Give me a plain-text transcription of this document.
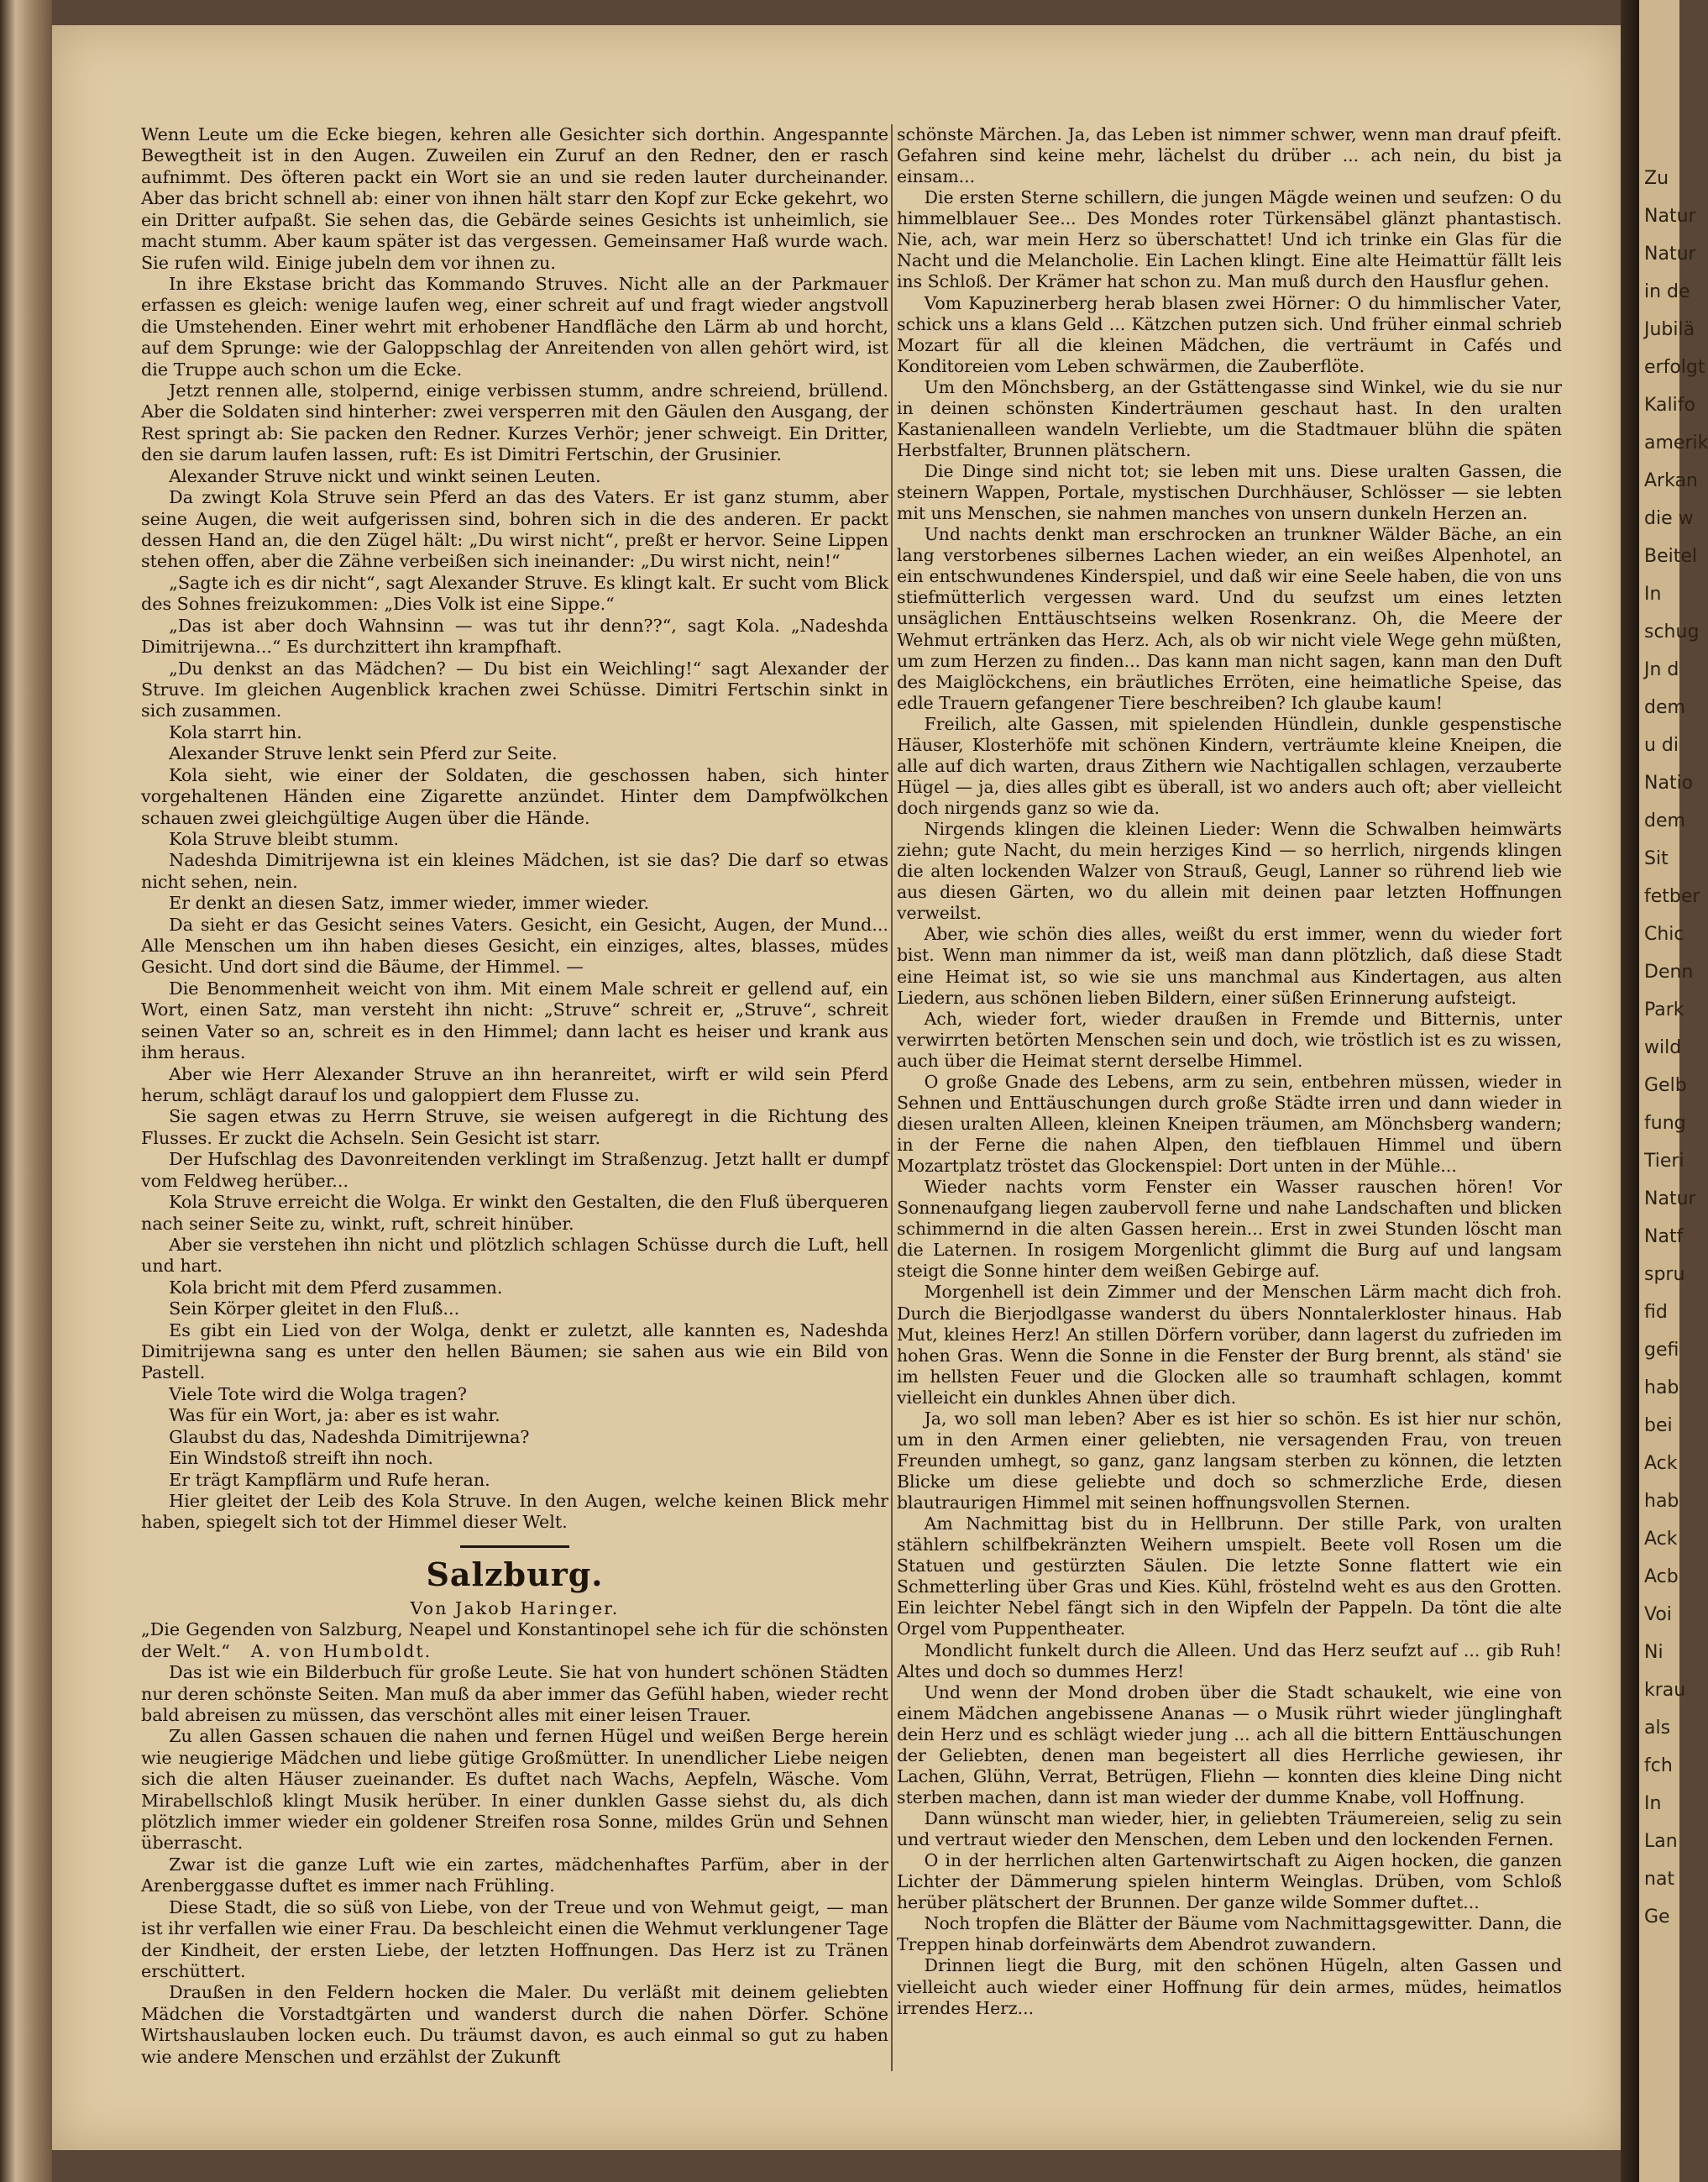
Zu
Natur
Natur
in de
Jubilä
erfolgt
Kalifo
amerik
Arkan
die w
Beitel
In
schug
Jn d
dem
u di
Natio
dem
Sit
fetber
Chic
Denn
Park
wild
Gelb
fung
Tieri
Natur
Natf
spru
fid
gefi
hab
bei
Ack
hab
Ack
Acb
Voi
Ni
krau
als
fch
In
Lan
nat
Ge

Wenn Leute um die Ecke biegen, kehren alle Gesichter sich dorthin. Angespannte Bewegtheit ist in den Augen. Zuweilen ein Zuruf an den Redner, den er rasch aufnimmt. Des öfteren packt ein Wort sie an und sie reden lauter durcheinander. Aber das bricht schnell ab: einer von ihnen hält starr den Kopf zur Ecke gekehrt, wo ein Dritter aufpaßt. Sie sehen das, die Gebärde seines Gesichts ist unheimlich, sie macht stumm. Aber kaum später ist das vergessen. Gemeinsamer Haß wurde wach. Sie rufen wild. Einige jubeln dem vor ihnen zu.

In ihre Ekstase bricht das Kommando Struves. Nicht alle an der Parkmauer erfassen es gleich: wenige laufen weg, einer schreit auf und fragt wieder angstvoll die Umstehenden. Einer wehrt mit erhobener Handfläche den Lärm ab und horcht, auf dem Sprunge: wie der Galoppschlag der Anreitenden von allen gehört wird, ist die Truppe auch schon um die Ecke.

Jetzt rennen alle, stolpernd, einige verbissen stumm, andre schreiend, brüllend. Aber die Soldaten sind hinterher: zwei versperren mit den Gäulen den Ausgang, der Rest springt ab: Sie packen den Redner. Kurzes Verhör; jener schweigt. Ein Dritter, den sie darum laufen lassen, ruft: Es ist Dimitri Fertschin, der Grusinier.

Alexander Struve nickt und winkt seinen Leuten.

Da zwingt Kola Struve sein Pferd an das des Vaters. Er ist ganz stumm, aber seine Augen, die weit aufgerissen sind, bohren sich in die des anderen. Er packt dessen Hand an, die den Zügel hält: „Du wirst nicht“, preßt er hervor. Seine Lippen stehen offen, aber die Zähne verbeißen sich ineinander: „Du wirst nicht, nein!“

„Sagte ich es dir nicht“, sagt Alexander Struve. Es klingt kalt. Er sucht vom Blick des Sohnes freizukommen: „Dies Volk ist eine Sippe.“

„Das ist aber doch Wahnsinn — was tut ihr denn??“, sagt Kola. „Nadeshda Dimitrijewna...“ Es durchzittert ihn krampfhaft.

„Du denkst an das Mädchen? — Du bist ein Weichling!“ sagt Alexander der Struve. Im gleichen Augenblick krachen zwei Schüsse. Dimitri Fertschin sinkt in sich zusammen.

Kola starrt hin.

Alexander Struve lenkt sein Pferd zur Seite.

Kola sieht, wie einer der Soldaten, die geschossen haben, sich hinter vorgehaltenen Händen eine Zigarette anzündet. Hinter dem Dampfwölkchen schauen zwei gleichgültige Augen über die Hände.

Kola Struve bleibt stumm.

Nadeshda Dimitrijewna ist ein kleines Mädchen, ist sie das? Die darf so etwas nicht sehen, nein.

Er denkt an diesen Satz, immer wieder, immer wieder.

Da sieht er das Gesicht seines Vaters. Gesicht, ein Gesicht, Augen, der Mund... Alle Menschen um ihn haben dieses Gesicht, ein einziges, altes, blasses, müdes Gesicht. Und dort sind die Bäume, der Himmel. —

Die Benommenheit weicht von ihm. Mit einem Male schreit er gellend auf, ein Wort, einen Satz, man versteht ihn nicht: „Struve“ schreit er, „Struve“, schreit seinen Vater so an, schreit es in den Himmel; dann lacht es heiser und krank aus ihm heraus.

Aber wie Herr Alexander Struve an ihn heranreitet, wirft er wild sein Pferd herum, schlägt darauf los und galoppiert dem Flusse zu.

Sie sagen etwas zu Herrn Struve, sie weisen aufgeregt in die Richtung des Flusses. Er zuckt die Achseln. Sein Gesicht ist starr.

Der Hufschlag des Davonreitenden verklingt im Straßenzug. Jetzt hallt er dumpf vom Feldweg herüber...

Kola Struve erreicht die Wolga. Er winkt den Gestalten, die den Fluß überqueren nach seiner Seite zu, winkt, ruft, schreit hinüber.

Aber sie verstehen ihn nicht und plötzlich schlagen Schüsse durch die Luft, hell und hart.

Kola bricht mit dem Pferd zusammen.

Sein Körper gleitet in den Fluß...

Es gibt ein Lied von der Wolga, denkt er zuletzt, alle kannten es, Nadeshda Dimitrijewna sang es unter den hellen Bäumen; sie sahen aus wie ein Bild von Pastell.

Viele Tote wird die Wolga tragen?

Was für ein Wort, ja: aber es ist wahr.

Glaubst du das, Nadeshda Dimitrijewna?

Ein Windstoß streift ihn noch.

Er trägt Kampflärm und Rufe heran.

Hier gleitet der Leib des Kola Struve. In den Augen, welche keinen Blick mehr haben, spiegelt sich tot der Himmel dieser Welt.

Salzburg.

Von Jakob Haringer.

„Die Gegenden von Salzburg, Neapel und Konstantinopel sehe ich für die schönsten der Welt.“ A. von Humboldt.

Das ist wie ein Bilderbuch für große Leute. Sie hat von hundert schönen Städten nur deren schönste Seiten. Man muß da aber immer das Gefühl haben, wieder recht bald abreisen zu müssen, das verschönt alles mit einer leisen Trauer.

Zu allen Gassen schauen die nahen und fernen Hügel und weißen Berge herein wie neugierige Mädchen und liebe gütige Großmütter. In unendlicher Liebe neigen sich die alten Häuser zueinander. Es duftet nach Wachs, Aepfeln, Wäsche. Vom Mirabellschloß klingt Musik herüber. In einer dunklen Gasse siehst du, als dich plötzlich immer wieder ein goldener Streifen rosa Sonne, mildes Grün und Sehnen überrascht.

Zwar ist die ganze Luft wie ein zartes, mädchenhaftes Parfüm, aber in der Arenberggasse duftet es immer nach Frühling.

Diese Stadt, die so süß von Liebe, von der Treue und von Wehmut geigt, — man ist ihr verfallen wie einer Frau. Da beschleicht einen die Wehmut verklungener Tage der Kindheit, der ersten Liebe, der letzten Hoffnungen. Das Herz ist zu Tränen erschüttert.

Draußen in den Feldern hocken die Maler. Du verläßt mit deinem geliebten Mädchen die Vorstadtgärten und wanderst durch die nahen Dörfer. Schöne Wirtshauslauben locken euch. Du träumst davon, es auch einmal so gut zu haben wie andere Menschen und erzählst der Zukunft

schönste Märchen. Ja, das Leben ist nimmer schwer, wenn man drauf pfeift. Gefahren sind keine mehr, lächelst du drüber ... ach nein, du bist ja einsam...

Die ersten Sterne schillern, die jungen Mägde weinen und seufzen: O du himmelblauer See... Des Mondes roter Türkensäbel glänzt phantastisch. Nie, ach, war mein Herz so überschattet! Und ich trinke ein Glas für die Nacht und die Melancholie. Ein Lachen klingt. Eine alte Heimattür fällt leis ins Schloß. Der Krämer hat schon zu. Man muß durch den Hausflur gehen.

Vom Kapuzinerberg herab blasen zwei Hörner: O du himmlischer Vater, schick uns a klans Geld ... Kätzchen putzen sich. Und früher einmal schrieb Mozart für all die kleinen Mädchen, die verträumt in Cafés und Konditoreien vom Leben schwärmen, die Zauberflöte.

Um den Mönchsberg, an der Gstättengasse sind Winkel, wie du sie nur in deinen schönsten Kinderträumen geschaut hast. In den uralten Kastanienalleen wandeln Verliebte, um die Stadtmauer blühn die späten Herbstfalter, Brunnen plätschern.

Die Dinge sind nicht tot; sie leben mit uns. Diese uralten Gassen, die steinern Wappen, Portale, mystischen Durchhäuser, Schlösser — sie lebten mit uns Menschen, sie nahmen manches von unsern dunkeln Herzen an.

Und nachts denkt man erschrocken an trunkner Wälder Bäche, an ein lang verstorbenes silbernes Lachen wieder, an ein weißes Alpenhotel, an ein entschwundenes Kinderspiel, und daß wir eine Seele haben, die von uns stiefmütterlich vergessen ward. Und du seufzst um eines letzten unsäglichen Enttäuschtseins welken Rosenkranz. Oh, die Meere der Wehmut ertränken das Herz. Ach, als ob wir nicht viele Wege gehn müßten, um zum Herzen zu finden... Das kann man nicht sagen, kann man den Duft des Maiglöckchens, ein bräutliches Erröten, eine heimatliche Speise, das edle Trauern gefangener Tiere beschreiben? Ich glaube kaum!

Freilich, alte Gassen, mit spielenden Hündlein, dunkle gespenstische Häuser, Klosterhöfe mit schönen Kindern, verträumte kleine Kneipen, die alle auf dich warten, draus Zithern wie Nachtigallen schlagen, verzauberte Hügel — ja, dies alles gibt es überall, ist wo anders auch oft; aber vielleicht doch nirgends ganz so wie da.

Nirgends klingen die kleinen Lieder: Wenn die Schwalben heimwärts ziehn; gute Nacht, du mein herziges Kind — so herrlich, nirgends klingen die alten lockenden Walzer von Strauß, Geugl, Lanner so rührend lieb wie aus diesen Gärten, wo du allein mit deinen paar letzten Hoffnungen verweilst.

Aber, wie schön dies alles, weißt du erst immer, wenn du wieder fort bist. Wenn man nimmer da ist, weiß man dann plötzlich, daß diese Stadt eine Heimat ist, so wie sie uns manchmal aus Kindertagen, aus alten Liedern, aus schönen lieben Bildern, einer süßen Erinnerung aufsteigt.

Ach, wieder fort, wieder draußen in Fremde und Bitternis, unter verwirrten betörten Menschen sein und doch, wie tröstlich ist es zu wissen, auch über die Heimat sternt derselbe Himmel.

O große Gnade des Lebens, arm zu sein, entbehren müssen, wieder in Sehnen und Enttäuschungen durch große Städte irren und dann wieder in diesen uralten Alleen, kleinen Kneipen träumen, am Mönchsberg wandern; in der Ferne die nahen Alpen, den tiefblauen Himmel und übern Mozartplatz tröstet das Glockenspiel: Dort unten in der Mühle...

Wieder nachts vorm Fenster ein Wasser rauschen hören! Vor Sonnenaufgang liegen zaubervoll ferne und nahe Landschaften und blicken schimmernd in die alten Gassen herein... Erst in zwei Stunden löscht man die Laternen. In rosigem Morgenlicht glimmt die Burg auf und langsam steigt die Sonne hinter dem weißen Gebirge auf.

Morgenhell ist dein Zimmer und der Menschen Lärm macht dich froh. Durch die Bierjodlgasse wanderst du übers Nonntalerkloster hinaus. Hab Mut, kleines Herz! An stillen Dörfern vorüber, dann lagerst du zufrieden im hohen Gras. Wenn die Sonne in die Fenster der Burg brennt, als ständ' sie im hellsten Feuer und die Glocken alle so traumhaft schlagen, kommt vielleicht ein dunkles Ahnen über dich.

Ja, wo soll man leben? Aber es ist hier so schön. Es ist hier nur schön, um in den Armen einer geliebten, nie versagenden Frau, von treuen Freunden umhegt, so ganz, ganz langsam sterben zu können, die letzten Blicke um diese geliebte und doch so schmerzliche Erde, diesen blautraurigen Himmel mit seinen hoffnungsvollen Sternen.

Am Nachmittag bist du in Hellbrunn. Der stille Park, von uralten stählern schilfbekränzten Weihern umspielt. Beete voll Rosen um die Statuen und gestürzten Säulen. Die letzte Sonne flattert wie ein Schmetterling über Gras und Kies. Kühl, fröstelnd weht es aus den Grotten. Ein leichter Nebel fängt sich in den Wipfeln der Pappeln. Da tönt die alte Orgel vom Puppentheater.

Mondlicht funkelt durch die Alleen. Und das Herz seufzt auf ... gib Ruh! Altes und doch so dummes Herz!

Und wenn der Mond droben über die Stadt schaukelt, wie eine von einem Mädchen angebissene Ananas — o Musik rührt wieder jünglinghaft dein Herz und es schlägt wieder jung ... ach all die bittern Enttäuschungen der Geliebten, denen man begeistert all dies Herrliche gewiesen, ihr Lachen, Glühn, Verrat, Betrügen, Fliehn — konnten dies kleine Ding nicht sterben machen, dann ist man wieder der dumme Knabe, voll Hoffnung.

Dann wünscht man wieder, hier, in geliebten Träumereien, selig zu sein und vertraut wieder den Menschen, dem Leben und den lockenden Fernen.

O in der herrlichen alten Gartenwirtschaft zu Aigen hocken, die ganzen Lichter der Dämmerung spielen hinterm Weinglas. Drüben, vom Schloß herüber plätschert der Brunnen. Der ganze wilde Sommer duftet...

Noch tropfen die Blätter der Bäume vom Nachmittagsgewitter. Dann, die Treppen hinab dorfeinwärts dem Abendrot zuwandern.

Drinnen liegt die Burg, mit den schönen Hügeln, alten Gassen und vielleicht auch wieder einer Hoffnung für dein armes, müdes, heimatlos irrendes Herz...
